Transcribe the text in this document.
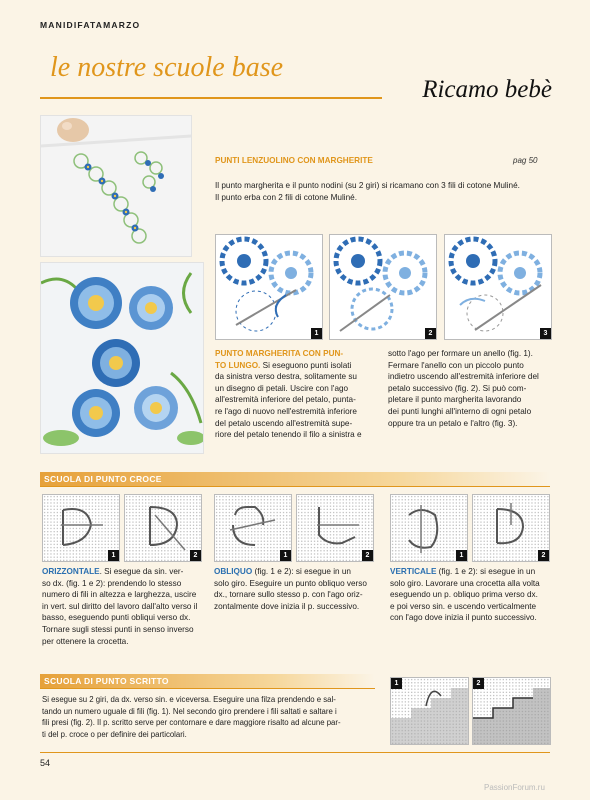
MANIDIFATAMARZO
le nostre scuole base
Ricamo bebè
PUNTI LENZUOLINO CON MARGHERITE	pag 50
Il punto margherita e il punto nodini (su 2 giri) si ricamano con 3 fili di cotone Muliné.
Il punto erba con 2 fili di cotone Muliné.
1	2	3
PUNTO MARGHERITA CON PUN-
TO LUNGO. Si eseguono punti isolati
da sinistra verso destra, solitamente su
un disegno di petali. Uscire con l'ago
all'estremità inferiore del petalo, punta-
re l'ago di nuovo nell'estremità inferiore
del petalo uscendo all'estremità supe-
riore del petalo tenendo il filo a sinistra e
sotto l'ago per formare un anello (fig. 1).
Fermare l'anello con un piccolo punto
indietro uscendo all'estremità inferiore del
petalo successivo (fig. 2). Si può com-
pletare il punto margherita lavorando
dei punti lunghi all'interno di ogni petalo
oppure tra un petalo e l'altro (fig. 3).
SCUOLA DI PUNTO CROCE
1	2	1	2	1	2
ORIZZONTALE. Si esegue da sin. ver-
so dx. (fig. 1 e 2): prendendo lo stesso
numero di fili in altezza e larghezza, uscire
in vert. sul diritto del lavoro dall'alto verso il
basso, eseguendo punti obliqui verso dx.
Tornare sugli stessi punti in senso inverso
per ottenere la crocetta.
OBLIQUO (fig. 1 e 2): si esegue in un
solo giro. Eseguire un punto obliquo verso
dx., tornare sullo stesso p. con l'ago oriz-
zontalmente dove inizia il p. successivo.
VERTICALE (fig. 1 e 2): si esegue in un
solo giro. Lavorare una crocetta alla volta
eseguendo un p. obliquo prima verso dx.
e poi verso sin. e uscendo verticalmente
con l'ago dove inizia il punto successivo.
SCUOLA DI PUNTO SCRITTO
Si esegue su 2 giri, da dx. verso sin. e viceversa. Eseguire una filza prendendo e sal-
tando un numero uguale di fili (fig. 1). Nel secondo giro prendere i fili saltati e saltare i
fili presi (fig. 2). Il p. scritto serve per contornare e dare maggiore risalto ad alcune par-
ti del p. croce o per definire dei particolari.
1	2
54
PassionForum.ru
